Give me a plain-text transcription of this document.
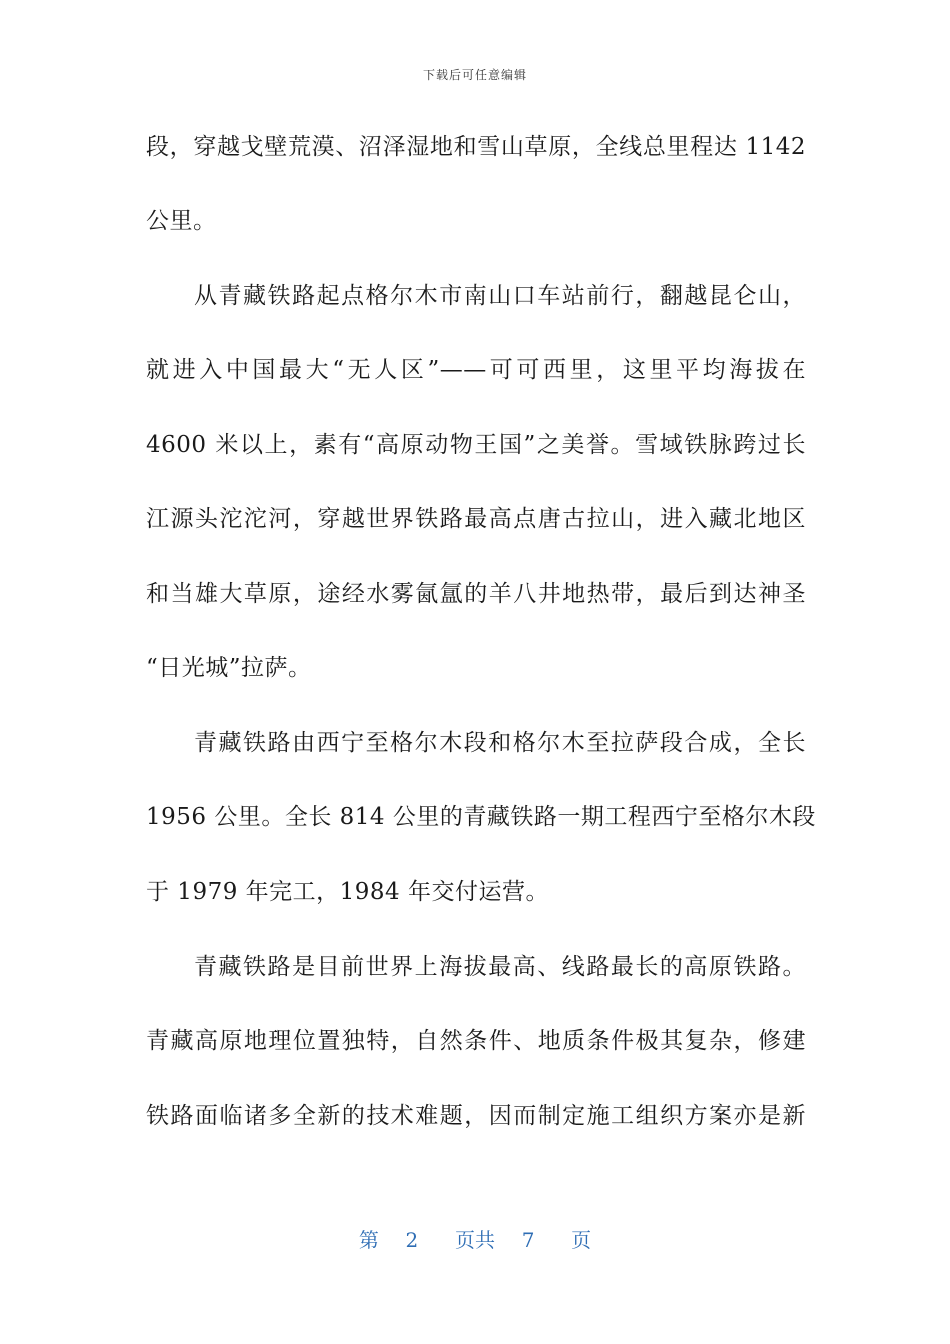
下载后可任意编辑
段，穿越戈壁荒漠、沼泽湿地和雪山草原，全线总里程达 1142
公里。
从青藏铁路起点格尔木市南山口车站前行，翻越昆仑山，
就进入中国最大“无人区”——可可西里，这里平均海拔在
4600 米以上，素有“高原动物王国”之美誉。雪域铁脉跨过长
江源头沱沱河，穿越世界铁路最高点唐古拉山，进入藏北地区
和当雄大草原，途经水雾氤氲的羊八井地热带，最后到达神圣
“日光城”拉萨。
青藏铁路由西宁至格尔木段和格尔木至拉萨段合成，全长
1956 公里。全长 814 公里的青藏铁路一期工程西宁至格尔木段
于 1979 年完工，1984 年交付运营。
青藏铁路是目前世界上海拔最高、线路最长的高原铁路。
青藏高原地理位置独特，自然条件、地质条件极其复杂，修建
铁路面临诸多全新的技术难题，因而制定施工组织方案亦是新
第 2 页共 7 页
